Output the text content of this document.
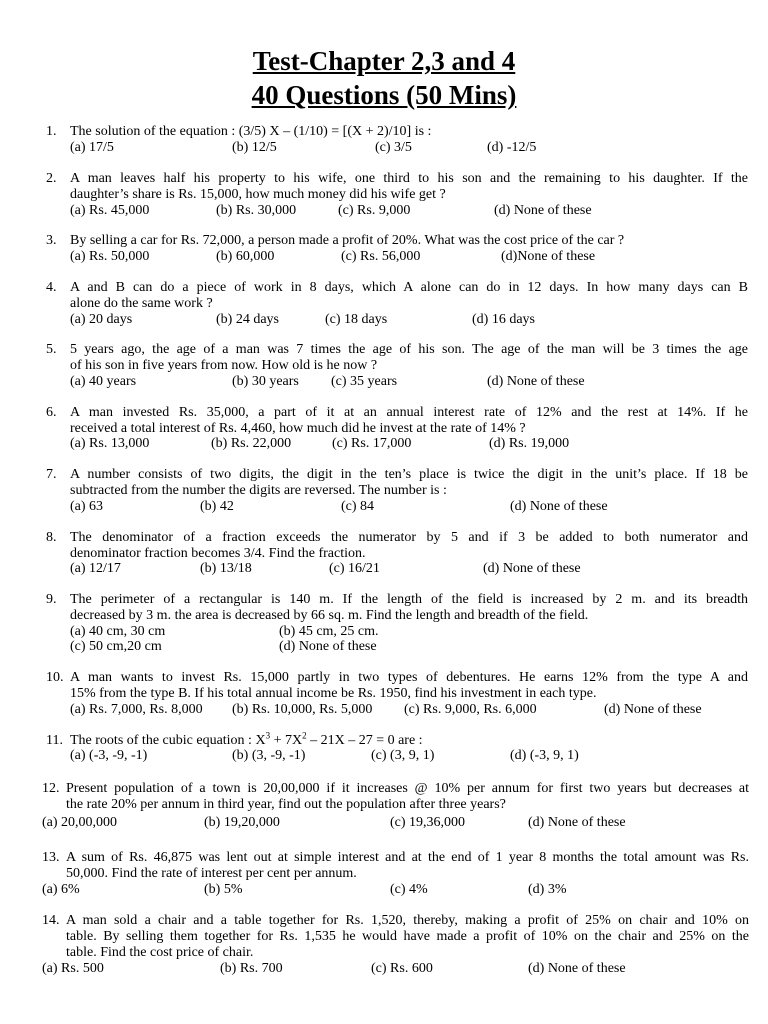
Test-Chapter 2,3 and 4
40 Questions (50 Mins)
1. The solution of the equation : (3/5) X – (1/10) = [(X + 2)/10] is :
(a) 17/5	(b) 12/5	(c) 3/5	(d) -12/5
2. A man leaves half his property to his wife, one third to his son and the remaining to his daughter. If the
daughter’s share is Rs. 15,000, how much money did his wife get ?
(a) Rs. 45,000	(b) Rs. 30,000	(c) Rs. 9,000	(d) None of these
3. By selling a car for Rs. 72,000, a person made a profit of 20%. What was the cost price of the car ?
(a) Rs. 50,000	(b) 60,000	(c) Rs. 56,000	(d)None of these
4. A and B can do a piece of work in 8 days, which A alone can do in 12 days. In how many days can B
alone do the same work ?
(a) 20 days	(b) 24 days	(c) 18 days	(d) 16 days
5. 5 years ago, the age of a man was 7 times the age of his son. The age of the man will be 3 times the age
of his son in five years from now. How old is he now ?
(a) 40 years	(b) 30 years (c) 35 years	(d) None of these
6. A man invested Rs. 35,000, a part of it at an annual interest rate of 12% and the rest at 14%. If he
received a total interest of Rs. 4,460, how much did he invest at the rate of 14% ?
(a) Rs. 13,000	(b) Rs. 22,000	(c) Rs. 17,000	(d) Rs. 19,000
7. A number consists of two digits, the digit in the ten’s place is twice the digit in the unit’s place. If 18 be
subtracted from the number the digits are reversed. The number is :
(a) 63	(b) 42	(c) 84	(d) None of these
8. The denominator of a fraction exceeds the numerator by 5 and if 3 be added to both numerator and
denominator fraction becomes 3/4. Find the fraction.
(a) 12/17	(b) 13/18	(c) 16/21	(d) None of these
9. The perimeter of a rectangular is 140 m. If the length of the field is increased by 2 m. and its breadth
decreased by 3 m. the area is decreased by 66 sq. m. Find the length and breadth of the field.
(a) 40 cm, 30 cm	(b) 45 cm, 25 cm.
(c) 50 cm,20 cm	(d) None of these
10. A man wants to invest Rs. 15,000 partly in two types of debentures. He earns 12% from the type A and
15% from the type B. If his total annual income be Rs. 1950, find his investment in each type.
(a) Rs. 7,000, Rs. 8,000 (b) Rs. 10,000, Rs. 5,000 (c) Rs. 9,000, Rs. 6,000	(d) None of these
11. The roots of the cubic equation : $X^3 + 7X^2 - 21X - 27 = 0$ are :
(a) (-3, -9, -1)	(b) (3, -9, -1)	(c) (3, 9, 1)	(d) (-3, 9, 1)
12. Present population of a town is 20,00,000 if it increases @ 10% per annum for first two years but decreases at
the rate 20% per annum in third year, find out the population after three years?
(a) 20,00,000	(b) 19,20,000	(c) 19,36,000	(d) None of these
13. A sum of Rs. 46,875 was lent out at simple interest and at the end of 1 year 8 months the total amount was Rs.
50,000. Find the rate of interest per cent per annum.
(a) 6%	(b) 5%	(c) 4%	(d) 3%
14. A man sold a chair and a table together for Rs. 1,520, thereby, making a profit of 25% on chair and 10% on
table. By selling them together for Rs. 1,535 he would have made a profit of 10% on the chair and 25% on the
table. Find the cost price of chair.
(a) Rs. 500	(b) Rs. 700	(c) Rs. 600	(d) None of these
